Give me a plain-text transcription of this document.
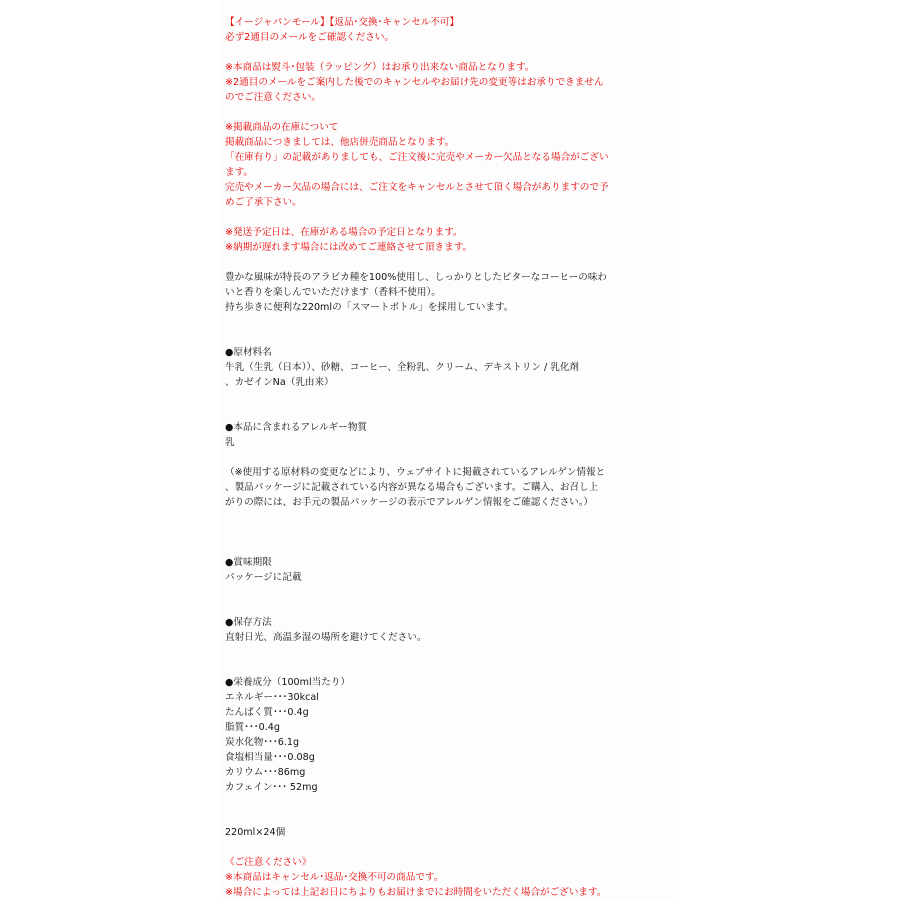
【イージャパンモール】【返品･交換･キャンセル不可】
必ず2通目のメールをご確認ください。
※本商品は熨斗･包装（ラッピング）はお承り出来ない商品となります。
※2通目のメールをご案内した後でのキャンセルやお届け先の変更等はお承りできません
のでご注意ください。
※掲載商品の在庫について
掲載商品につきましては、他店併売商品となります。
「在庫有り」の記載がありましても、ご注文後に完売やメーカー欠品となる場合がござい
ます。
完売やメーカー欠品の場合には、ご注文をキャンセルとさせて頂く場合がありますので予
めご了承下さい。
※発送予定日は、在庫がある場合の予定日となります。
※納期が遅れます場合には改めてご連絡させて頂きます。
豊かな風味が特長のアラビカ種を100%使用し、しっかりとしたビターなコーヒーの味わ
いと香りを楽しんでいただけます（香料不使用）。
持ち歩きに便利な220mlの「スマートボトル」を採用しています。
●原材料名
牛乳（生乳（日本））、砂糖、コーヒー、全粉乳、クリーム、デキストリン / 乳化剤
、カゼインNa（乳由来）
●本品に含まれるアレルギー物質
乳
（※使用する原材料の変更などにより、ウェブサイトに掲載されているアレルゲン情報と
、製品パッケージに記載されている内容が異なる場合もございます。ご購入、お召し上
がりの際には、お手元の製品パッケージの表示でアレルゲン情報をご確認ください。）
●賞味期限
パッケージに記載
●保存方法
直射日光、高温多湿の場所を避けてください。
●栄養成分（100ml当たり）
エネルギー･･･30kcal
たんぱく質･･･0.4g
脂質･･･0.4g
炭水化物･･･6.1g
食塩相当量･･･0.08g
カリウム･･･86mg
カフェイン･･･ 52mg
220ml×24個
《ご注意ください》
※本商品はキャンセル･返品･交換不可の商品です。
※場合によっては上記お日にちよりもお届けまでにお時間をいただく場合がございます。
